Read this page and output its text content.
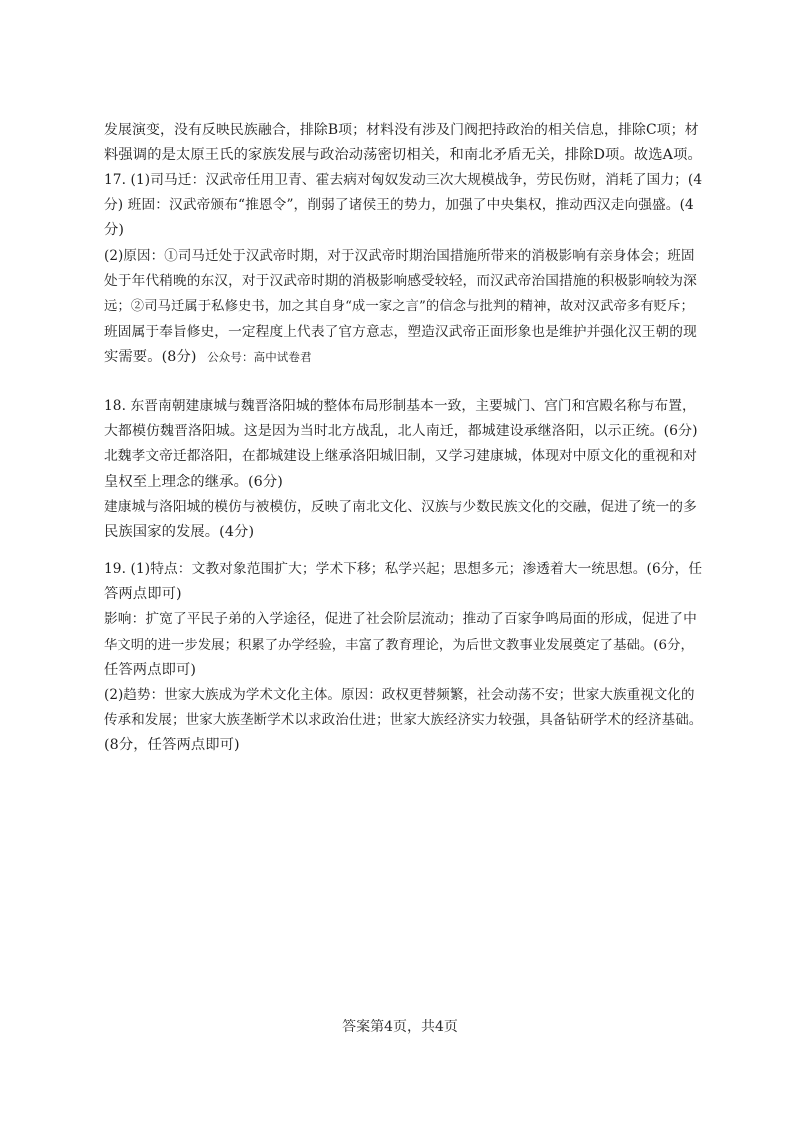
发展演变，没有反映民族融合，排除B项；材料没有涉及门阀把持政治的相关信息，排除C项；材
料强调的是太原王氏的家族发展与政治动荡密切相关，和南北矛盾无关，排除D项。故选A项。
17. (1)司马迁：汉武帝任用卫青、霍去病对匈奴发动三次大规模战争，劳民伤财，消耗了国力；(4
分) 班固：汉武帝颁布“推恩令”，削弱了诸侯王的势力，加强了中央集权，推动西汉走向强盛。(4
分)
(2)原因：①司马迁处于汉武帝时期，对于汉武帝时期治国措施所带来的消极影响有亲身体会；班固
处于年代稍晚的东汉，对于汉武帝时期的消极影响感受较轻，而汉武帝治国措施的积极影响较为深
远；②司马迁属于私修史书，加之其自身“成一家之言”的信念与批判的精神，故对汉武帝多有贬斥；
班固属于奉旨修史，一定程度上代表了官方意志，塑造汉武帝正面形象也是维护并强化汉王朝的现
实需要。(8分) 公众号：高中试卷君
18. 东晋南朝建康城与魏晋洛阳城的整体布局形制基本一致，主要城门、宫门和宫殿名称与布置，
大都模仿魏晋洛阳城。这是因为当时北方战乱，北人南迁，都城建设承继洛阳，以示正统。(6分)
北魏孝文帝迁都洛阳，在都城建设上继承洛阳城旧制，又学习建康城，体现对中原文化的重视和对
皇权至上理念的继承。(6分)
建康城与洛阳城的模仿与被模仿，反映了南北文化、汉族与少数民族文化的交融，促进了统一的多
民族国家的发展。(4分)
19. (1)特点：文教对象范围扩大；学术下移；私学兴起；思想多元；渗透着大一统思想。(6分，任
答两点即可)
影响：扩宽了平民子弟的入学途径，促进了社会阶层流动；推动了百家争鸣局面的形成，促进了中
华文明的进一步发展；积累了办学经验，丰富了教育理论，为后世文教事业发展奠定了基础。(6分，
任答两点即可)
(2)趋势：世家大族成为学术文化主体。原因：政权更替频繁，社会动荡不安；世家大族重视文化的
传承和发展；世家大族垄断学术以求政治仕进；世家大族经济实力较强，具备钻研学术的经济基础。
(8分，任答两点即可)
答案第4页，共4页
